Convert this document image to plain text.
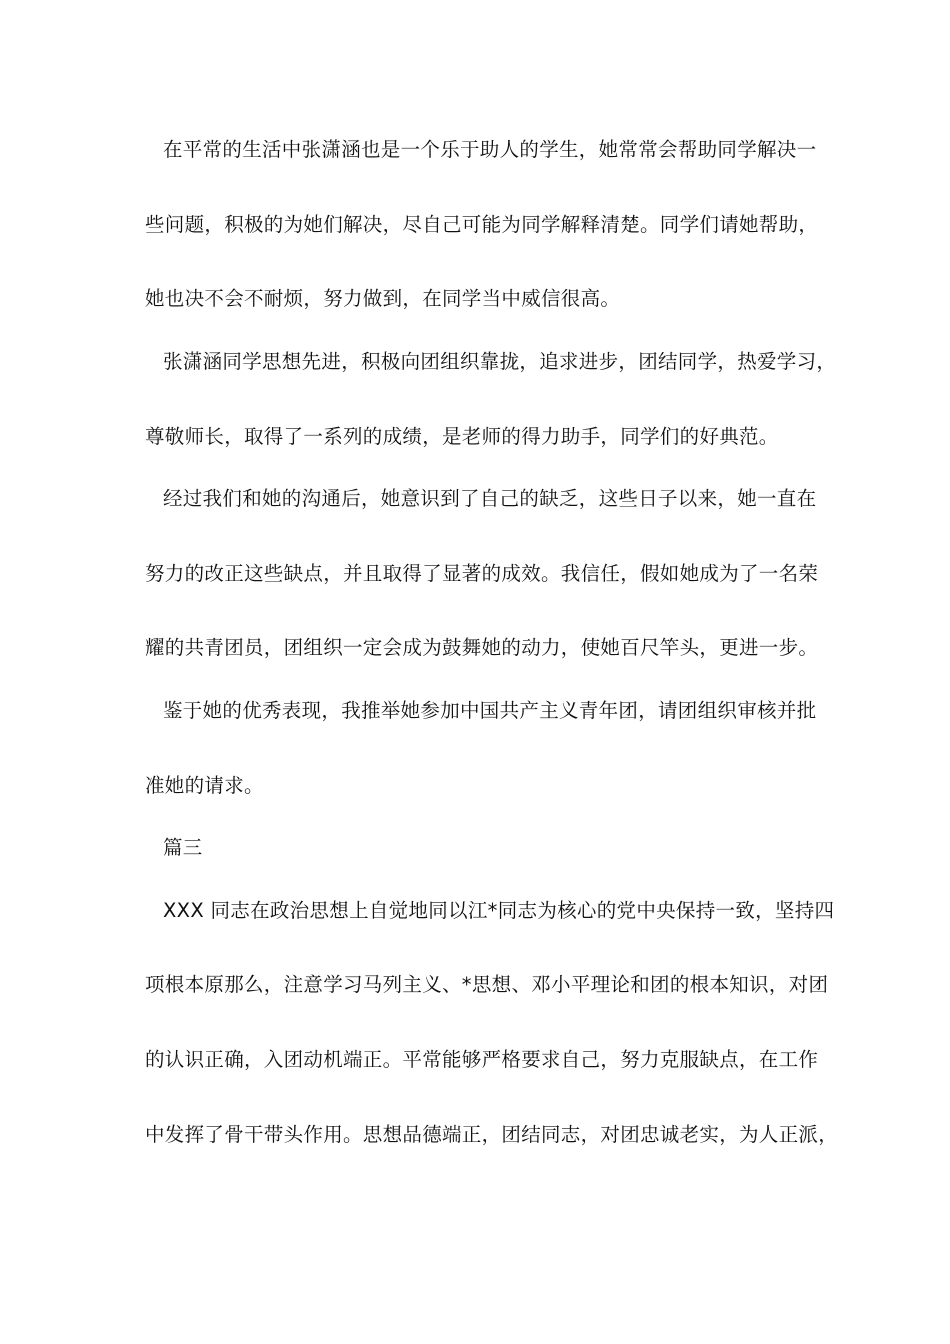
在平常的生活中张潇涵也是一个乐于助人的学生，她常常会帮助同学解决一
些问题，积极的为她们解决，尽自己可能为同学解释清楚。同学们请她帮助，
她也决不会不耐烦，努力做到，在同学当中威信很高。
张潇涵同学思想先进，积极向团组织靠拢，追求进步，团结同学，热爱学习，
尊敬师长，取得了一系列的成绩，是老师的得力助手，同学们的好典范。
经过我们和她的沟通后，她意识到了自己的缺乏，这些日子以来，她一直在
努力的改正这些缺点，并且取得了显著的成效。我信任，假如她成为了一名荣
耀的共青团员，团组织一定会成为鼓舞她的动力，使她百尺竿头，更进一步。
鉴于她的优秀表现，我推举她参加中国共产主义青年团，请团组织审核并批
准她的请求。
篇三
XXX 同志在政治思想上自觉地同以江*同志为核心的党中央保持一致，坚持四
项根本原那么，注意学习马列主义、*思想、邓小平理论和团的根本知识，对团
的认识正确，入团动机端正。平常能够严格要求自己，努力克服缺点，在工作
中发挥了骨干带头作用。思想品德端正，团结同志，对团忠诚老实，为人正派，
